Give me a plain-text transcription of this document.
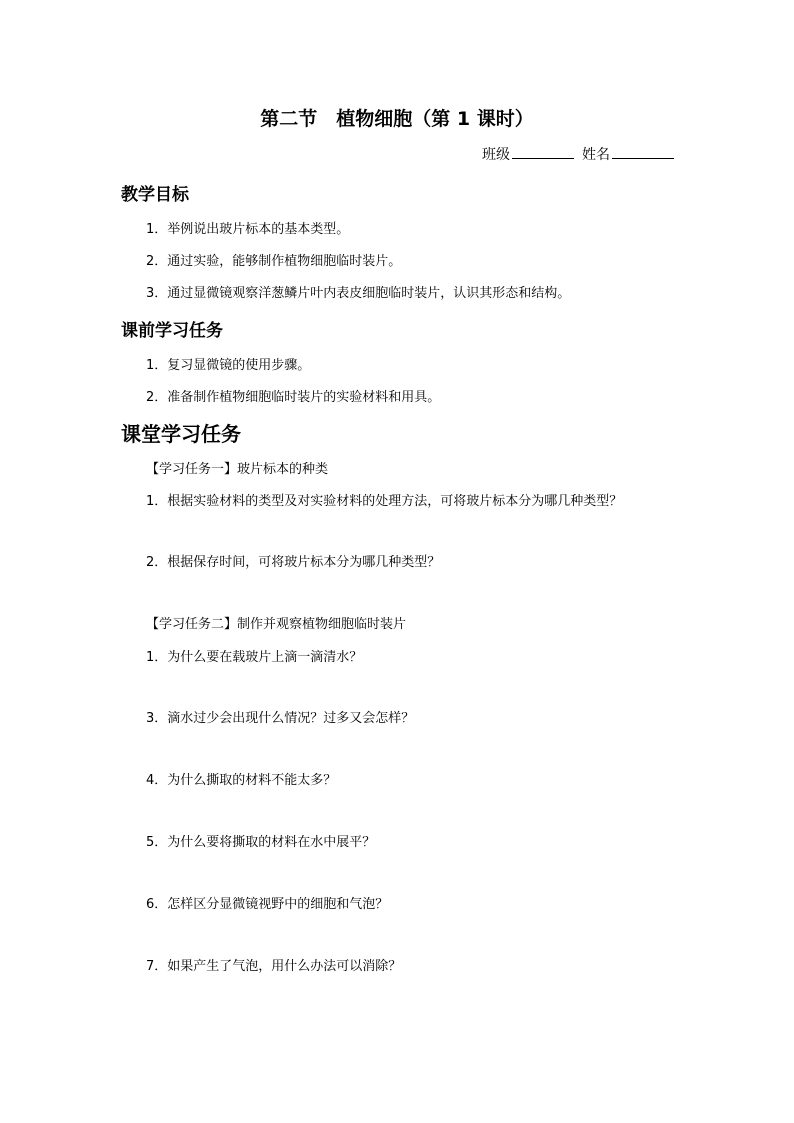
第二节　植物细胞（第 1 课时）
班级	姓名
教学目标
1．举例说出玻片标本的基本类型。
2．通过实验，能够制作植物细胞临时装片。
3．通过显微镜观察洋葱鳞片叶内表皮细胞临时装片，认识其形态和结构。
课前学习任务
1．复习显微镜的使用步骤。
2．准备制作植物细胞临时装片的实验材料和用具。
课堂学习任务
【学习任务一】玻片标本的种类
1．根据实验材料的类型及对实验材料的处理方法，可将玻片标本分为哪几种类型？
2．根据保存时间，可将玻片标本分为哪几种类型？
【学习任务二】制作并观察植物细胞临时装片
1．为什么要在载玻片上滴一滴清水？
3．滴水过少会出现什么情况？过多又会怎样？
4．为什么撕取的材料不能太多？
5．为什么要将撕取的材料在水中展平？
6．怎样区分显微镜视野中的细胞和气泡？
7．如果产生了气泡，用什么办法可以消除？
